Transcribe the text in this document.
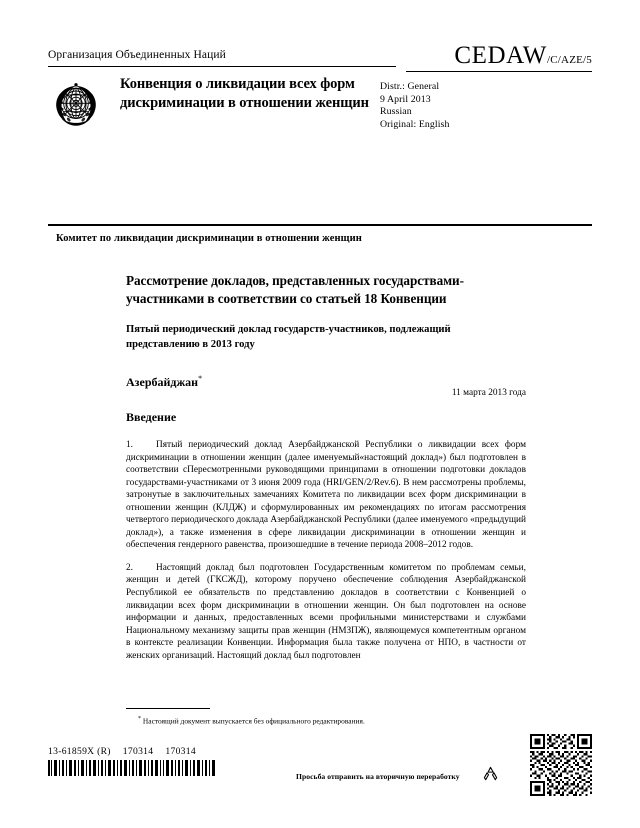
Организация Объединенных Наций	CEDAW/C/AZE/5
Конвенция о ликвидации всех форм дискриминации в отношении женщин
Distr.: General
9 April 2013
Russian
Original: English
Комитет по ликвидации дискриминации в отношении женщин
Рассмотрение докладов, представленных государствами-участниками в соответствии со статьей 18 Конвенции
Пятый периодический доклад государств-участников, подлежащий представлению в 2013 году

Азербайджан*

11 марта 2013 года
Введение

1. Пятый периодический доклад Азербайджанской Республики о ликвидации всех форм дискриминации в отношении женщин (далее именуемый«настоящий доклад») был подготовлен в соответствии сПересмотренными руководящими принципами в отношении подготовки докладов государствами-участниками от 3 июня 2009 года (HRI/GEN/2/Rev.6). В нем рассмотрены проблемы, затронутые в заключительных замечаниях Комитета по ликвидации всех форм дискриминации в отношении женщин (КЛДЖ) и сформулированных им рекомендациях по итогам рассмотрения четвертого периодического доклада Азербайджанской Республики (далее именуемого «предыдущий доклад»), а также изменения в сфере ликвидации дискриминации в отношении женщин и обеспечения гендерного равенства, произошедшие в течение периода 2008–2012 годов.

2. Настоящий доклад был подготовлен Государственным комитетом по проблемам семьи, женщин и детей (ГКСЖД), которому поручено обеспечение соблюдения Азербайджанской Республикой ее обязательств по представлению докладов в соответствии с Конвенцией о ликвидации всех форм дискриминации в отношении женщин. Он был подготовлен на основе информации и данных, предоставленных всеми профильными министерствами и службами Национальному механизму защиты прав женщин (НМЗПЖ), являющемуся компетентным органом в контексте реализации Конвенции. Информация была также получена от НПО, в частности от женских организаций. Настоящий доклад был подготовлен

* Настоящий документ выпускается без официального редактирования.
13-61859X (R) 170314 170314
Просьба отправить на вторичную переработку
